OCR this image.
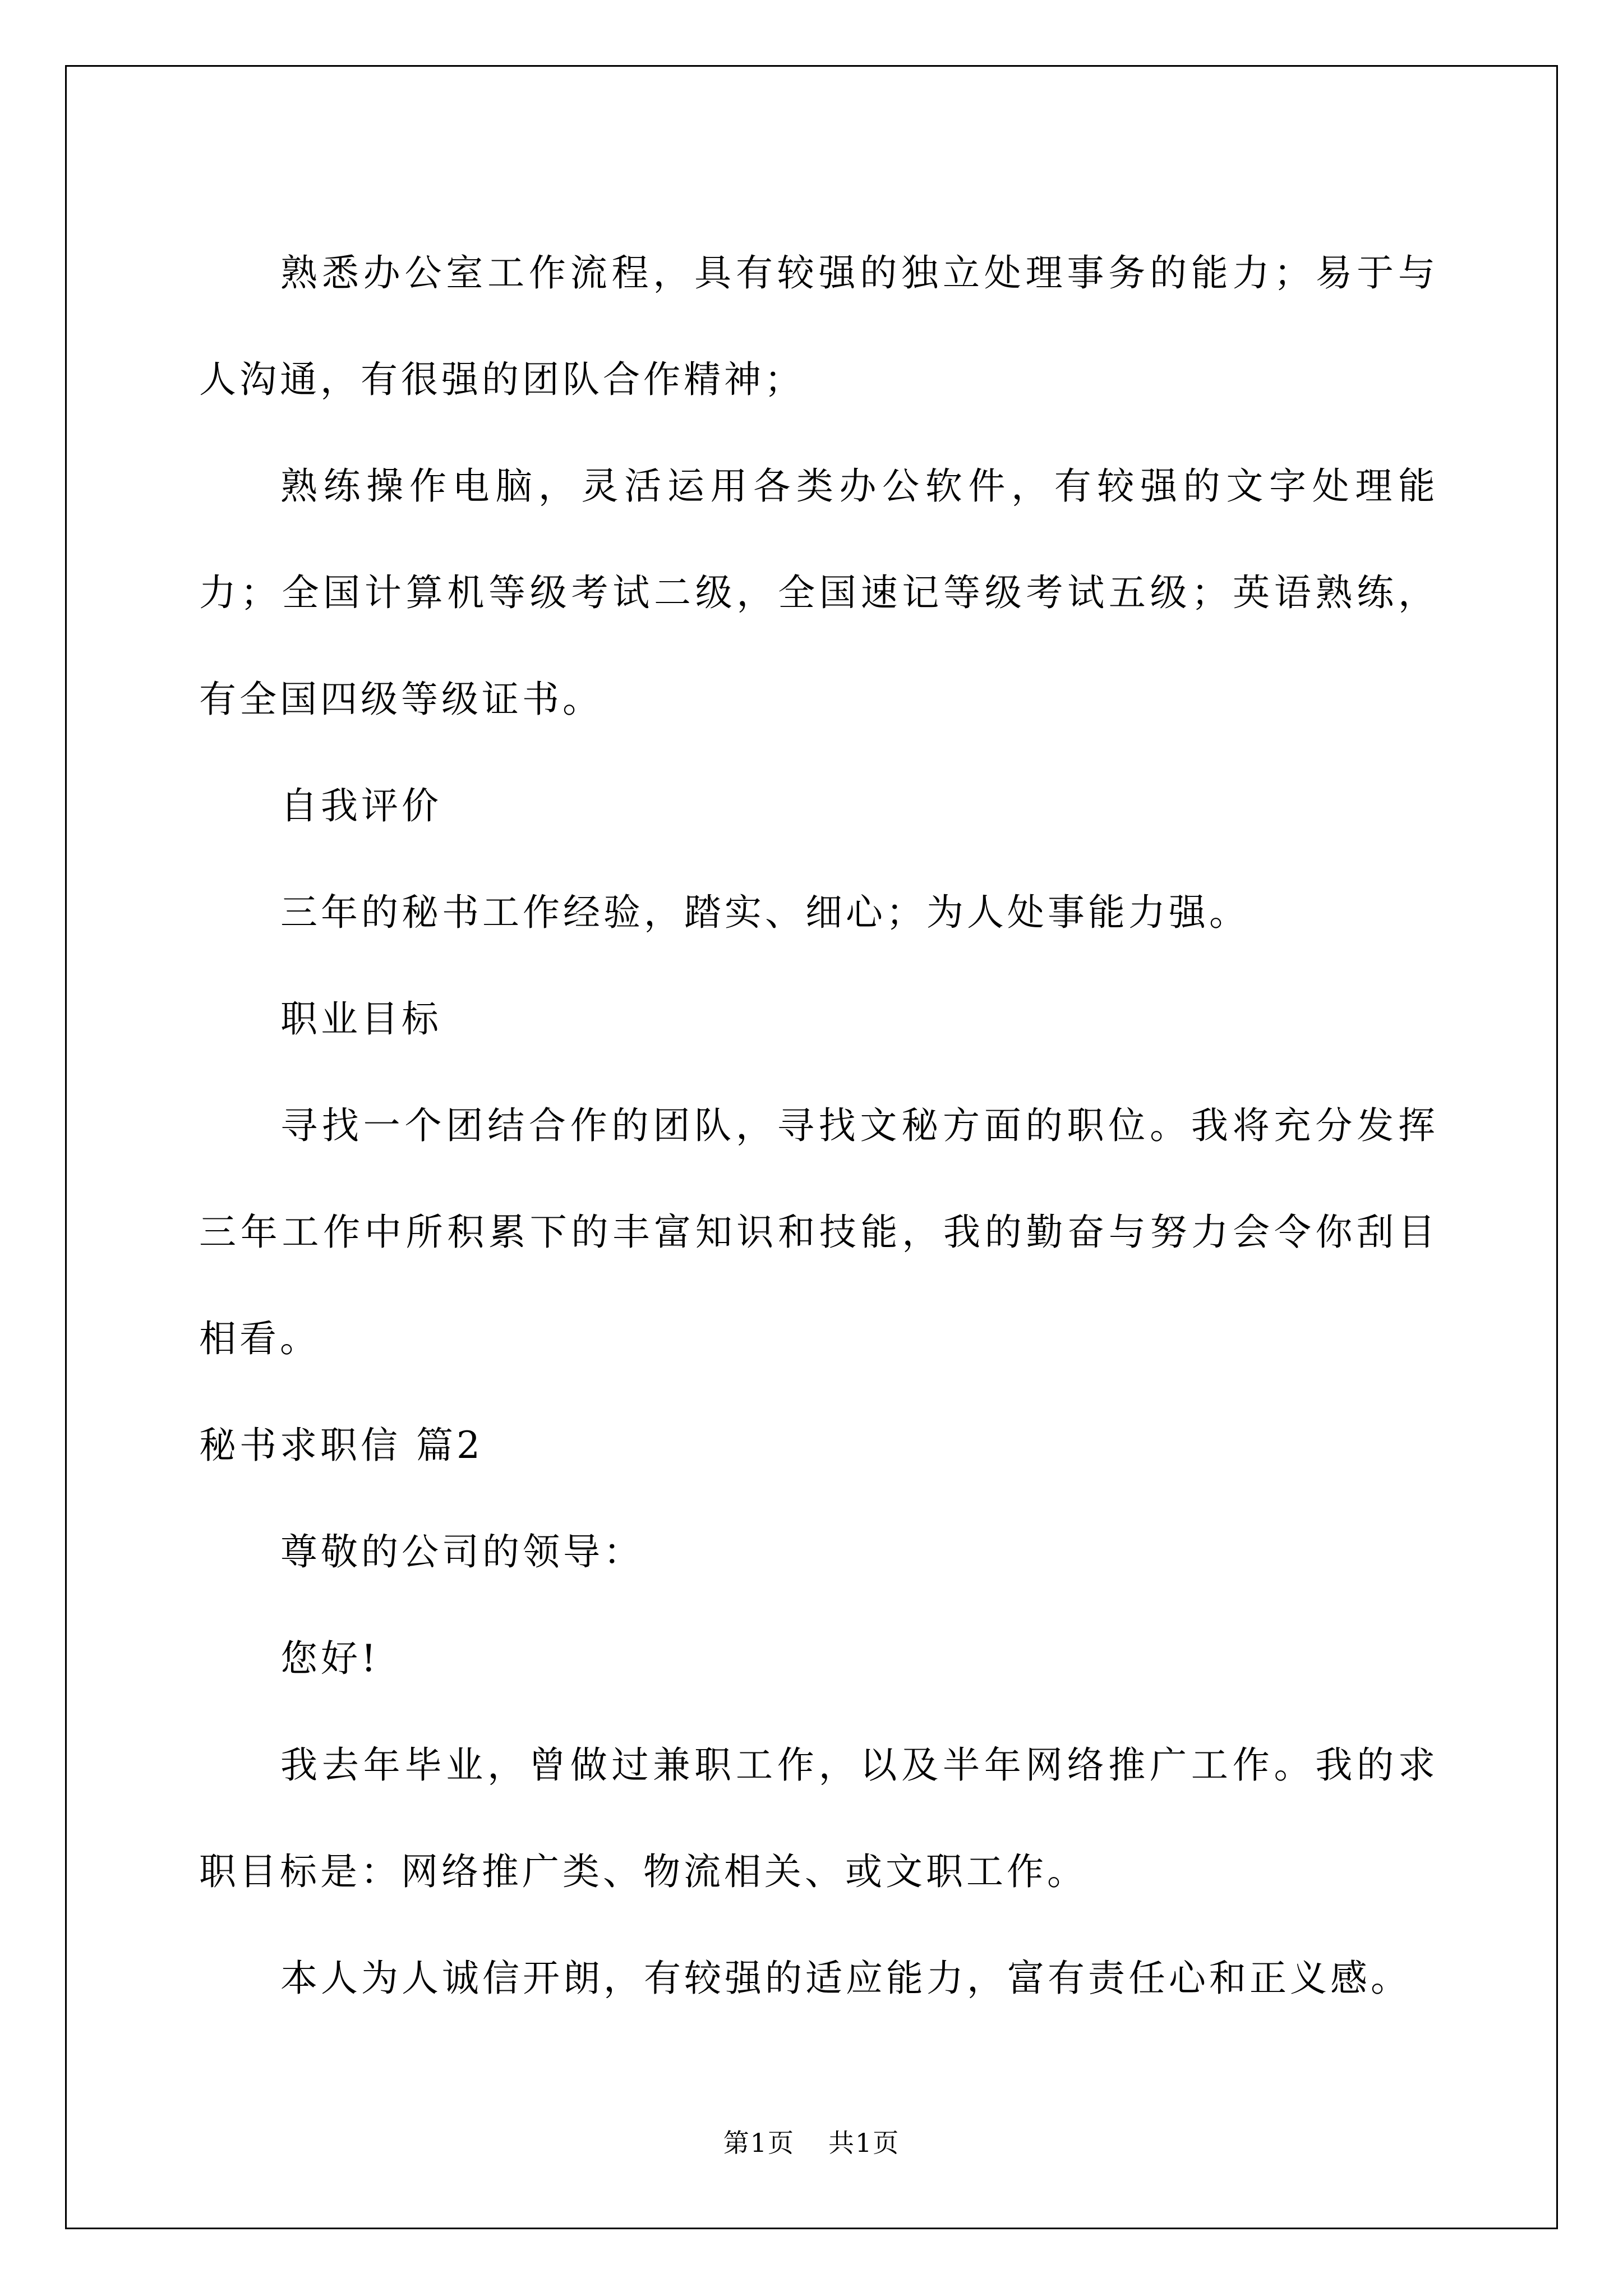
熟悉办公室工作流程，具有较强的独立处理事务的能力；易于与人沟通，有很强的团队合作精神；

熟练操作电脑，灵活运用各类办公软件，有较强的文字处理能力；全国计算机等级考试二级，全国速记等级考试五级；英语熟练，有全国四级等级证书。

自我评价

三年的秘书工作经验，踏实、细心；为人处事能力强。

职业目标

寻找一个团结合作的团队，寻找文秘方面的职位。我将充分发挥三年工作中所积累下的丰富知识和技能，我的勤奋与努力会令你刮目相看。

秘书求职信 篇2

尊敬的公司的领导：

您好!

我去年毕业，曾做过兼职工作，以及半年网络推广工作。我的求职目标是：网络推广类、物流相关、或文职工作。

本人为人诚信开朗，有较强的适应能力，富有责任心和正义感。

第1页 共1页
